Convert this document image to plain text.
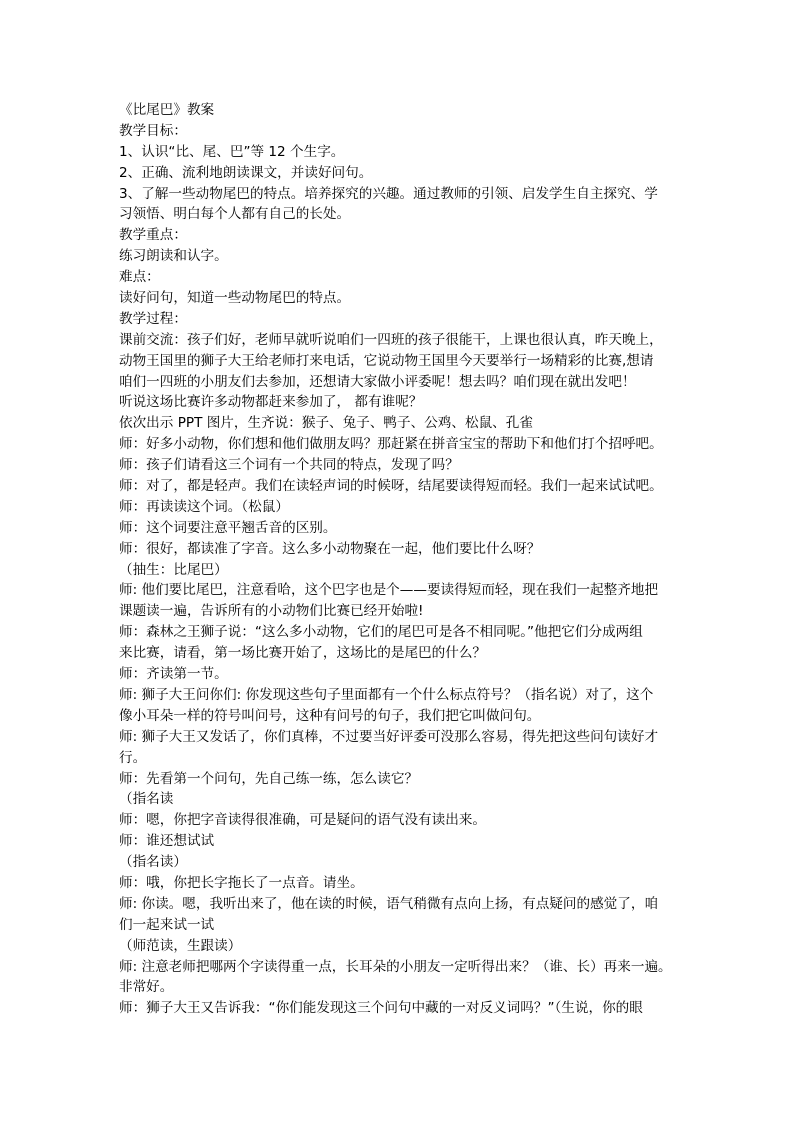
《比尾巴》教案
教学目标：
1、认识“比、尾、巴”等 12 个生字。
2、正确、流利地朗读课文，并读好问句。
3、了解一些动物尾巴的特点。培养探究的兴趣。通过教师的引领、启发学生自主探究、学
习领悟、明白每个人都有自己的长处。
教学重点：
练习朗读和认字。
难点：
读好问句，知道一些动物尾巴的特点。
教学过程：
课前交流：孩子们好，老师早就听说咱们一四班的孩子很能干，上课也很认真，昨天晚上，
动物王国里的狮子大王给老师打来电话，它说动物王国里今天要举行一场精彩的比赛,想请
咱们一四班的小朋友们去参加，还想请大家做小评委呢！想去吗？咱们现在就出发吧！
听说这场比赛许多动物都赶来参加了， 都有谁呢？
依次出示 PPT 图片，生齐说：猴子、兔子、鸭子、公鸡、松鼠、孔雀
师：好多小动物，你们想和他们做朋友吗？那赶紧在拼音宝宝的帮助下和他们打个招呼吧。
师：孩子们请看这三个词有一个共同的特点，发现了吗？
师：对了，都是轻声。我们在读轻声词的时候呀，结尾要读得短而轻。我们一起来试试吧。
师：再读读这个词。（松鼠）
师：这个词要注意平翘舌音的区别。
师：很好，都读准了字音。这么多小动物聚在一起，他们要比什么呀？
（抽生：比尾巴）
师: 他们要比尾巴，注意看哈，这个巴字也是个——要读得短而轻，现在我们一起整齐地把
课题读一遍，告诉所有的小动物们比赛已经开始啦!
师：森林之王狮子说：“这么多小动物，它们的尾巴可是各不相同呢。”他把它们分成两组
来比赛，请看，第一场比赛开始了，这场比的是尾巴的什么？
师：齐读第一节。
师: 狮子大王问你们: 你发现这些句子里面都有一个什么标点符号？（指名说）对了，这个
像小耳朵一样的符号叫问号，这种有问号的句子，我们把它叫做问句。
师: 狮子大王又发话了，你们真棒，不过要当好评委可没那么容易，得先把这些问句读好才
行。
师：先看第一个问句，先自己练一练，怎么读它？
（指名读
师：嗯，你把字音读得很准确，可是疑问的语气没有读出来。
师：谁还想试试
（指名读）
师：哦，你把长字拖长了一点音。请坐。
师: 你读。嗯，我听出来了，他在读的时候，语气稍微有点向上扬，有点疑问的感觉了，咱
们一起来试一试
（师范读，生跟读）
师: 注意老师把哪两个字读得重一点，长耳朵的小朋友一定听得出来？（谁、长）再来一遍。
非常好。
师：狮子大王又告诉我：“你们能发现这三个问句中藏的一对反义词吗？”（生说，你的眼
